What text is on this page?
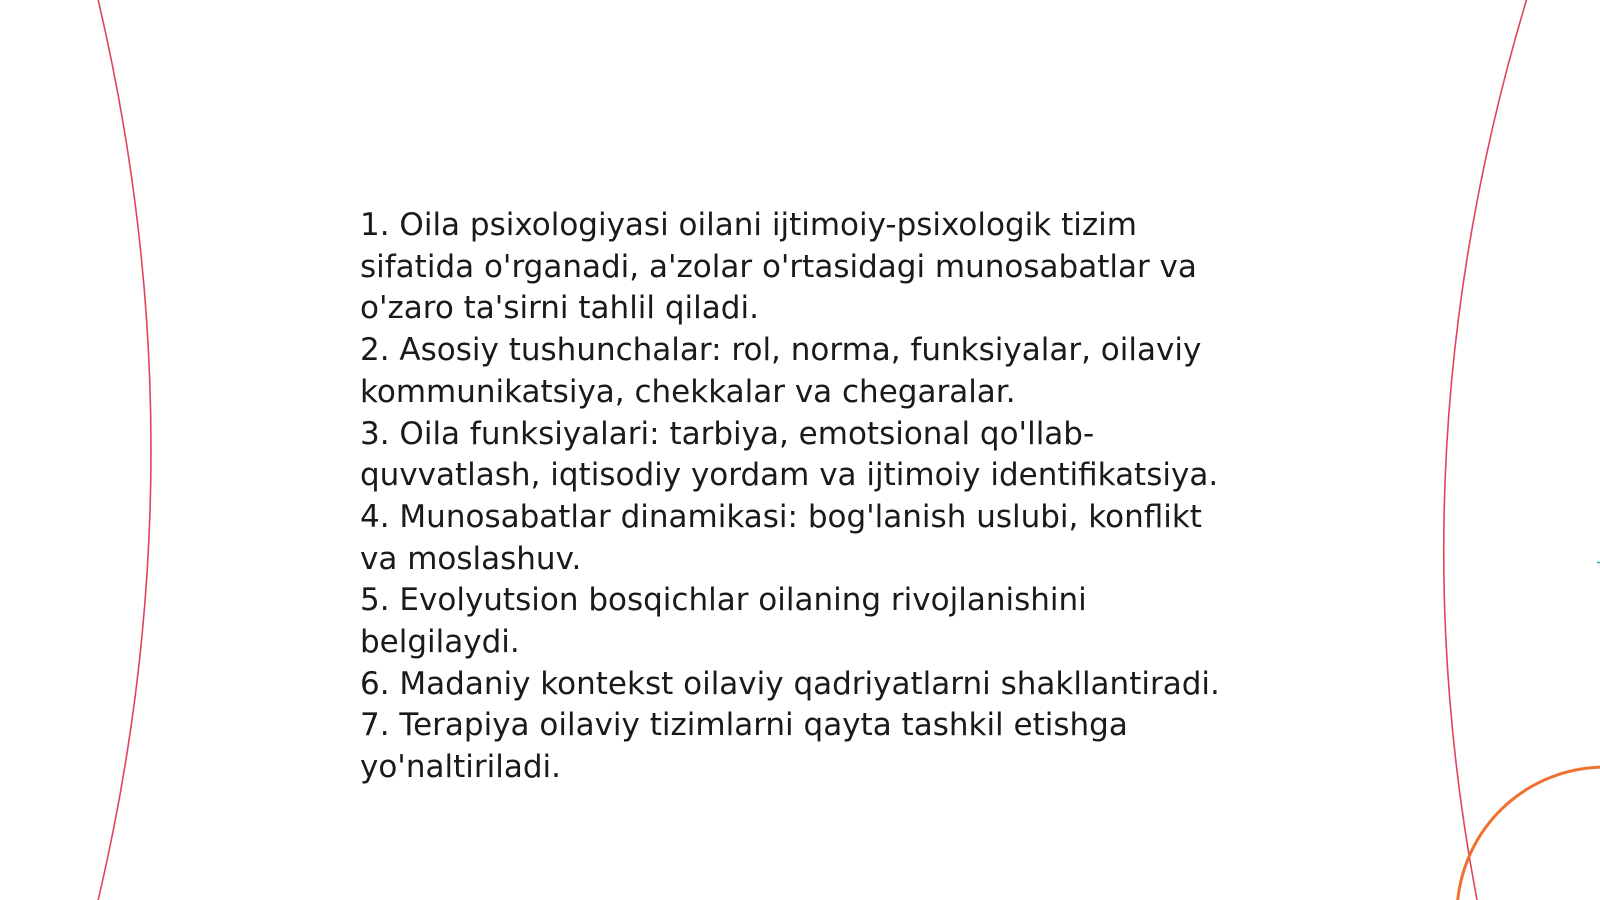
1. Oila psixologiyasi oilani ijtimoiy-psixologik tizim sifatida o'rganadi, a'zolar o'rtasidagi munosabatlar va o'zaro ta'sirni tahlil qiladi.

2. Asosiy tushunchalar: rol, norma, funksiyalar, oilaviy kommunikatsiya, chekkalar va chegaralar.

3. Oila funksiyalari: tarbiya, emotsional qo'llab-quvvatlash, iqtisodiy yordam va ijtimoiy identifikatsiya.

4. Munosabatlar dinamikasi: bog'lanish uslubi, konflikt va moslashuv.

5. Evolyutsion bosqichlar oilaning rivojlanishini belgilaydi.

6. Madaniy kontekst oilaviy qadriyatlarni shakllantiradi.

7. Terapiya oilaviy tizimlarni qayta tashkil etishga yo'naltiriladi.
